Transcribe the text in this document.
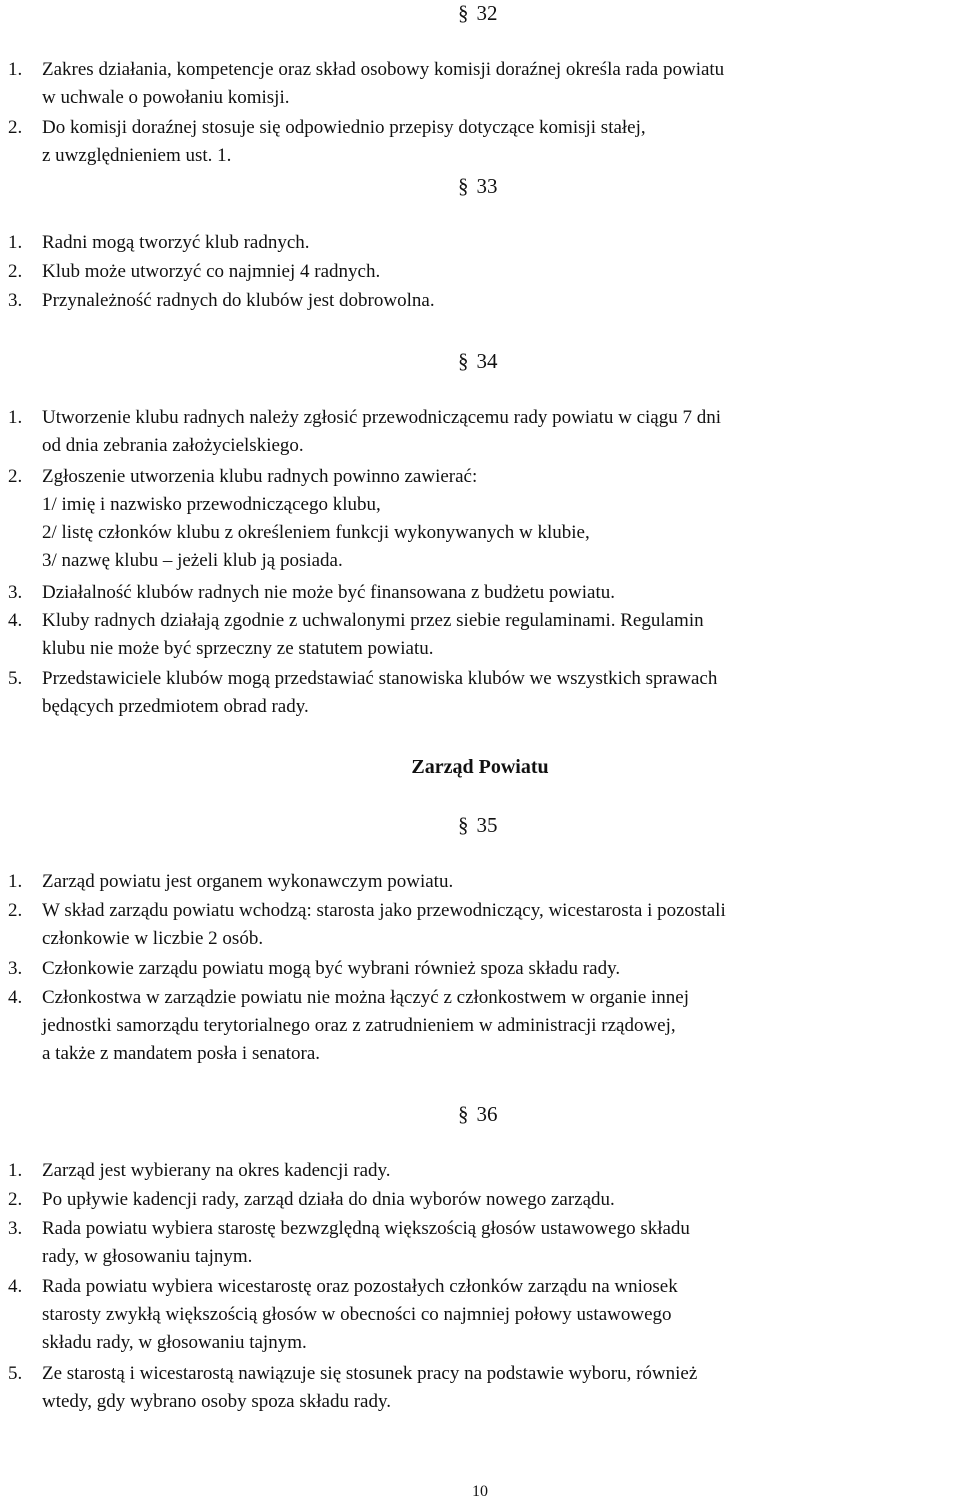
§ 32
1.	Zakres działania, kompetencje oraz skład osobowy komisji doraźnej określa rada powiatu
w uchwale o powołaniu komisji.
2.	Do komisji doraźnej stosuje się odpowiednio przepisy dotyczące komisji stałej,
z uwzględnieniem ust. 1.
§ 33
1.	Radni mogą tworzyć klub radnych.
2.	Klub może utworzyć co najmniej 4 radnych.
3.	Przynależność radnych do klubów jest dobrowolna.
§ 34
1.	Utworzenie klubu radnych należy zgłosić przewodniczącemu rady powiatu w ciągu 7 dni
od dnia zebrania założycielskiego.
2.	Zgłoszenie utworzenia klubu radnych powinno zawierać:
1/ imię i nazwisko przewodniczącego klubu,
2/ listę członków klubu z określeniem funkcji wykonywanych w klubie,
3/ nazwę klubu – jeżeli klub ją posiada.
3.	Działalność klubów radnych nie może być finansowana z budżetu powiatu.
4.	Kluby radnych działają zgodnie z uchwalonymi przez siebie regulaminami. Regulamin
klubu nie może być sprzeczny ze statutem powiatu.
5.	Przedstawiciele klubów mogą przedstawiać stanowiska klubów we wszystkich sprawach
będących przedmiotem obrad rady.
Zarząd Powiatu
§ 35
1.	Zarząd powiatu jest organem wykonawczym powiatu.
2.	W skład zarządu powiatu wchodzą: starosta jako przewodniczący, wicestarosta i pozostali
członkowie w liczbie 2 osób.
3.	Członkowie zarządu powiatu mogą być wybrani również spoza składu rady.
4.	Członkostwa w zarządzie powiatu nie można łączyć z członkostwem w organie innej
jednostki samorządu terytorialnego oraz z zatrudnieniem w administracji rządowej,
a także z mandatem posła i senatora.
§ 36
1.	Zarząd jest wybierany na okres kadencji rady.
2.	Po upływie kadencji rady, zarząd działa do dnia wyborów nowego zarządu.
3.	Rada powiatu wybiera starostę bezwzględną większością głosów ustawowego składu
rady, w głosowaniu tajnym.
4.	Rada powiatu wybiera wicestarostę oraz pozostałych członków zarządu na wniosek
starosty zwykłą większością głosów w obecności co najmniej połowy ustawowego
składu rady, w głosowaniu tajnym.
5.	Ze starostą i wicestarostą nawiązuje się stosunek pracy na podstawie wyboru, również
wtedy, gdy wybrano osoby spoza składu rady.
10
